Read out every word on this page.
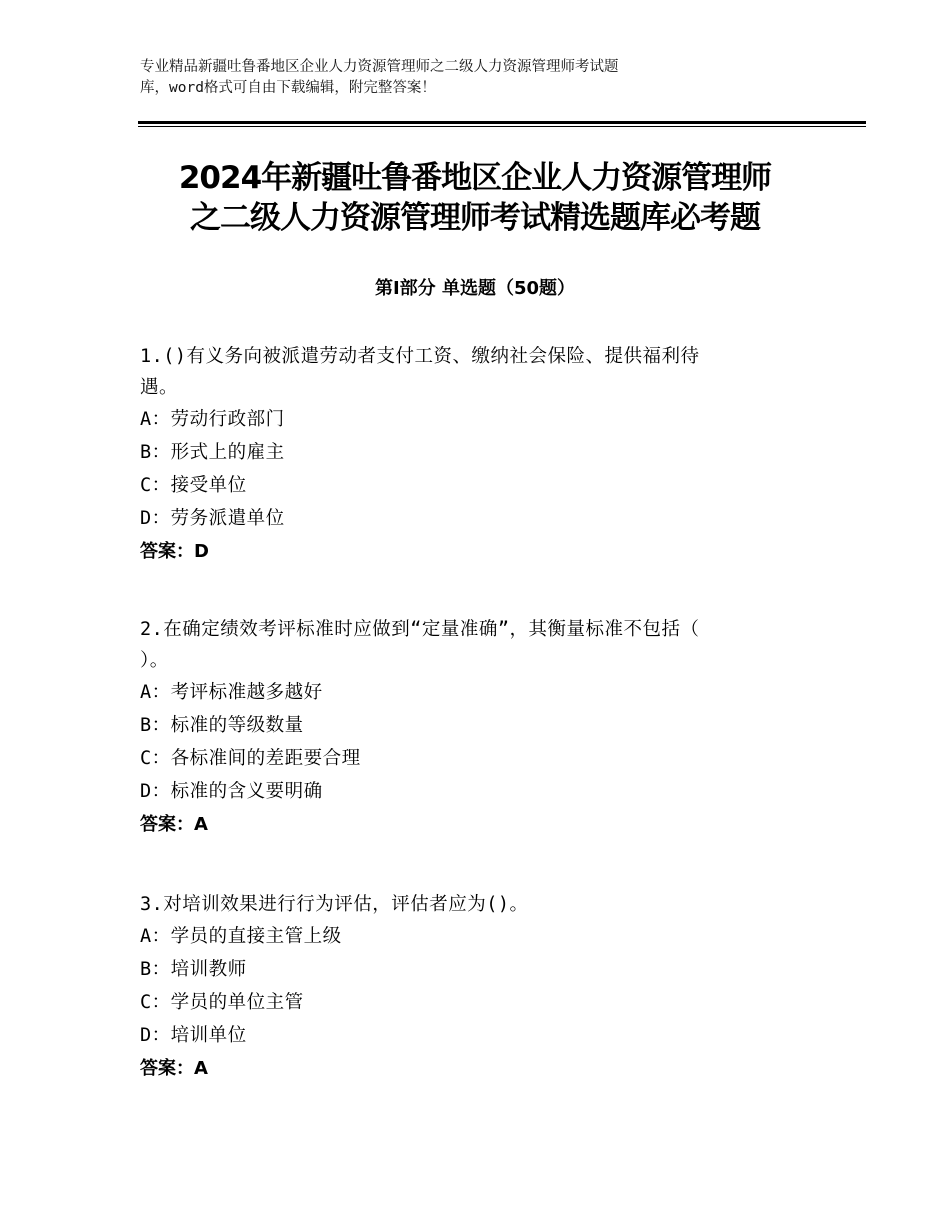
专业精品新疆吐鲁番地区企业人力资源管理师之二级人力资源管理师考试题
库，word格式可自由下载编辑，附完整答案！
2024年新疆吐鲁番地区企业人力资源管理师
之二级人力资源管理师考试精选题库必考题
第Ⅰ部分 单选题（50题）

1.()有义务向被派遣劳动者支付工资、缴纳社会保险、提供福利待

遇。

A：劳动行政部门

B：形式上的雇主

C：接受单位

D：劳务派遣单位

答案：D

2.在确定绩效考评标准时应做到“定量准确”，其衡量标准不包括（

）。

A：考评标准越多越好

B：标准的等级数量

C：各标准间的差距要合理

D：标准的含义要明确

答案：A

3.对培训效果进行行为评估，评估者应为()。

A：学员的直接主管上级

B：培训教师

C：学员的单位主管

D：培训单位

答案：A
